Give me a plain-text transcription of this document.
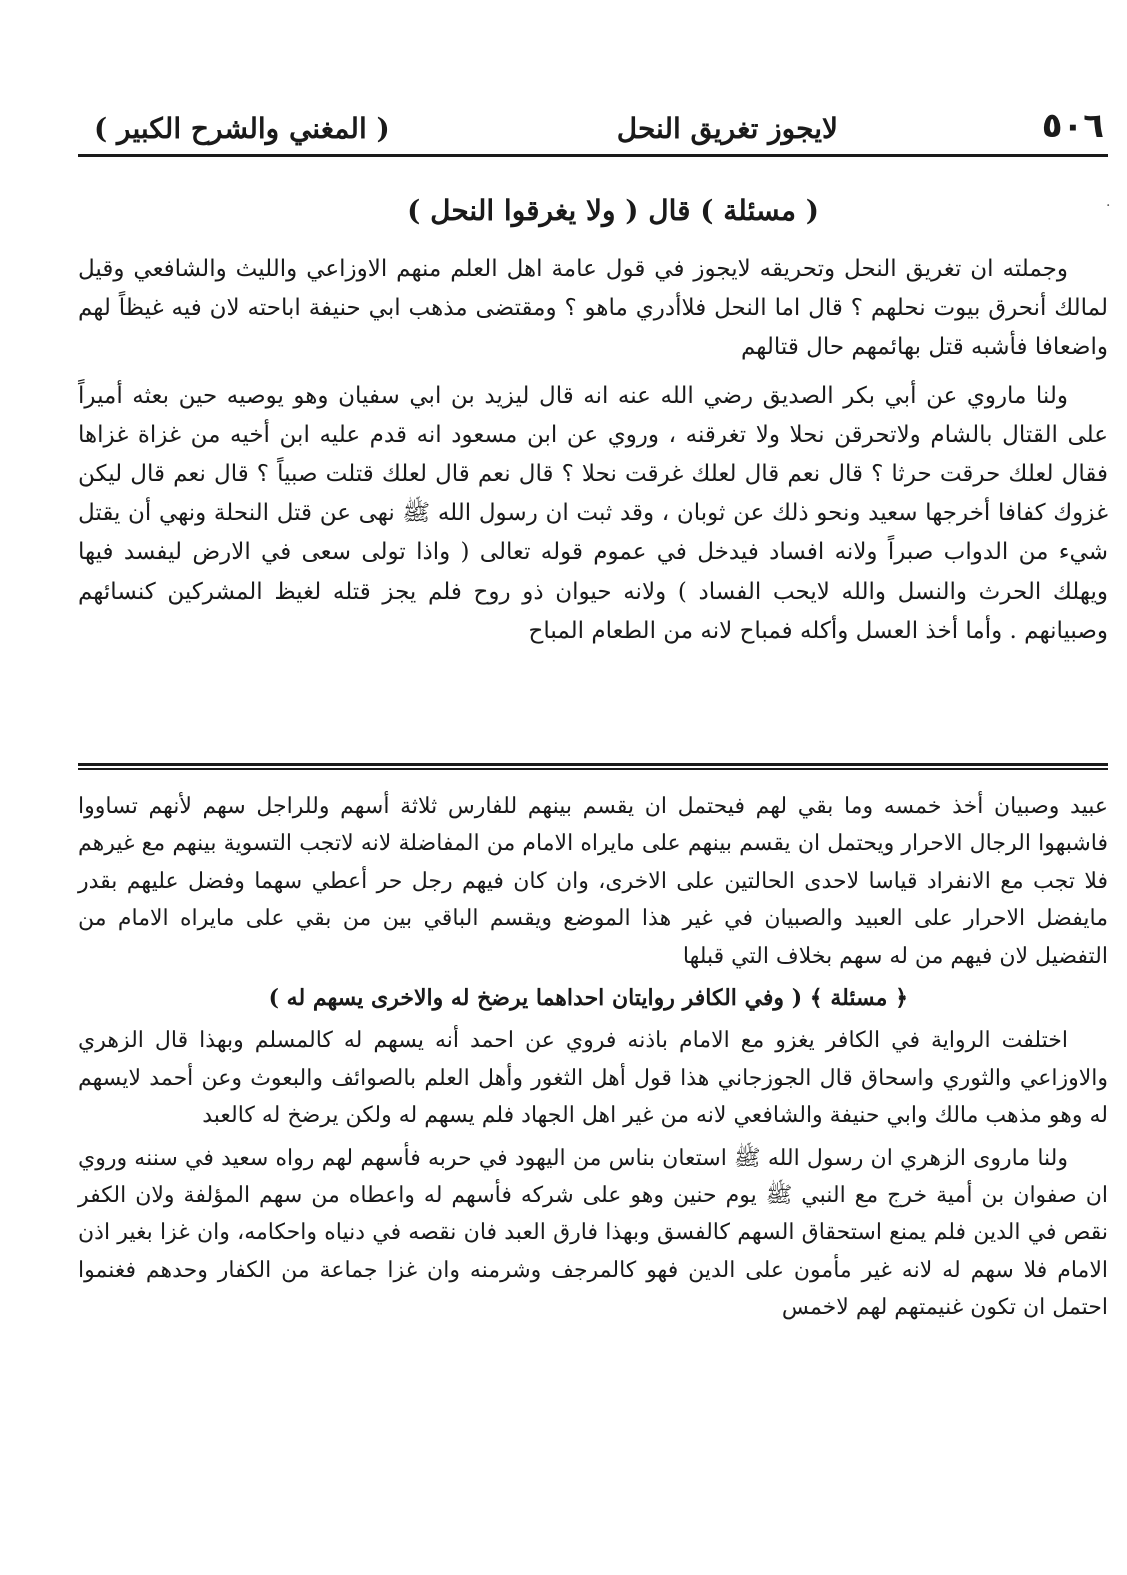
٥٠٦
لايجوز تغريق النحل
( المغني والشرح الكبير )
·
( مسئلة ) قال ( ولا يغرقوا النحل )

وجملته ان تغريق النحل وتحريقه لايجوز في قول عامة اهل العلم منهم الاوزاعي والليث والشافعي وقيل لمالك أنحرق بيوت نحلهم ؟ قال اما النحل فلاأدري ماهو ؟ ومقتضى مذهب ابي حنيفة اباحته لان فيه غيظاً لهم واضعافا فأشبه قتل بهائمهم حال قتالهم

ولنا ماروي عن أبي بكر الصديق رضي الله عنه انه قال ليزيد بن ابي سفيان وهو يوصيه حين بعثه أميراً على القتال بالشام ولاتحرقن نحلا ولا تغرقنه ، وروي عن ابن مسعود انه قدم عليه ابن أخيه من غزاة غزاها فقال لعلك حرقت حرثا ؟ قال نعم قال لعلك غرقت نحلا ؟ قال نعم قال لعلك قتلت صبياً ؟ قال نعم قال ليكن غزوك كفافا أخرجها سعيد ونحو ذلك عن ثوبان ، وقد ثبت ان رسول الله ﷺ نهى عن قتل النحلة ونهي أن يقتل شيء من الدواب صبراً ولانه افساد فيدخل في عموم قوله تعالى ( واذا تولى سعى في الارض ليفسد فيها ويهلك الحرث والنسل والله لايحب الفساد ) ولانه حيوان ذو روح فلم يجز قتله لغيظ المشركين كنسائهم وصبيانهم . وأما أخذ العسل وأكله فمباح لانه من الطعام المباح

عبيد وصبيان أخذ خمسه وما بقي لهم فيحتمل ان يقسم بينهم للفارس ثلاثة أسهم وللراجل سهم لأنهم تساووا فاشبهوا الرجال الاحرار ويحتمل ان يقسم بينهم على مايراه الامام من المفاضلة لانه لاتجب التسوية بينهم مع غيرهم فلا تجب مع الانفراد قياسا لاحدى الحالتين على الاخرى، وان كان فيهم رجل حر أعطي سهما وفضل عليهم بقدر مايفضل الاحرار على العبيد والصبيان في غير هذا الموضع ويقسم الباقي بين من بقي على مايراه الامام من التفضيل لان فيهم من له سهم بخلاف التي قبلها

﴿ مسئلة ﴾ ( وفي الكافر روايتان احداهما يرضخ له والاخرى يسهم له )

اختلفت الرواية في الكافر يغزو مع الامام باذنه فروي عن احمد أنه يسهم له كالمسلم وبهذا قال الزهري والاوزاعي والثوري واسحاق قال الجوزجاني هذا قول أهل الثغور وأهل العلم بالصوائف والبعوث وعن أحمد لايسهم له وهو مذهب مالك وابي حنيفة والشافعي لانه من غير اهل الجهاد فلم يسهم له ولكن يرضخ له كالعبد

ولنا ماروى الزهري ان رسول الله ﷺ استعان بناس من اليهود في حربه فأسهم لهم رواه سعيد في سننه وروي ان صفوان بن أمية خرج مع النبي ﷺ يوم حنين وهو على شركه فأسهم له واعطاه من سهم المؤلفة ولان الكفر نقص في الدين فلم يمنع استحقاق السهم كالفسق وبهذا فارق العبد فان نقصه في دنياه واحكامه، وان غزا بغير اذن الامام فلا سهم له لانه غير مأمون على الدين فهو كالمرجف وشرمنه وان غزا جماعة من الكفار وحدهم فغنموا احتمل ان تكون غنيمتهم لهم لاخمس
